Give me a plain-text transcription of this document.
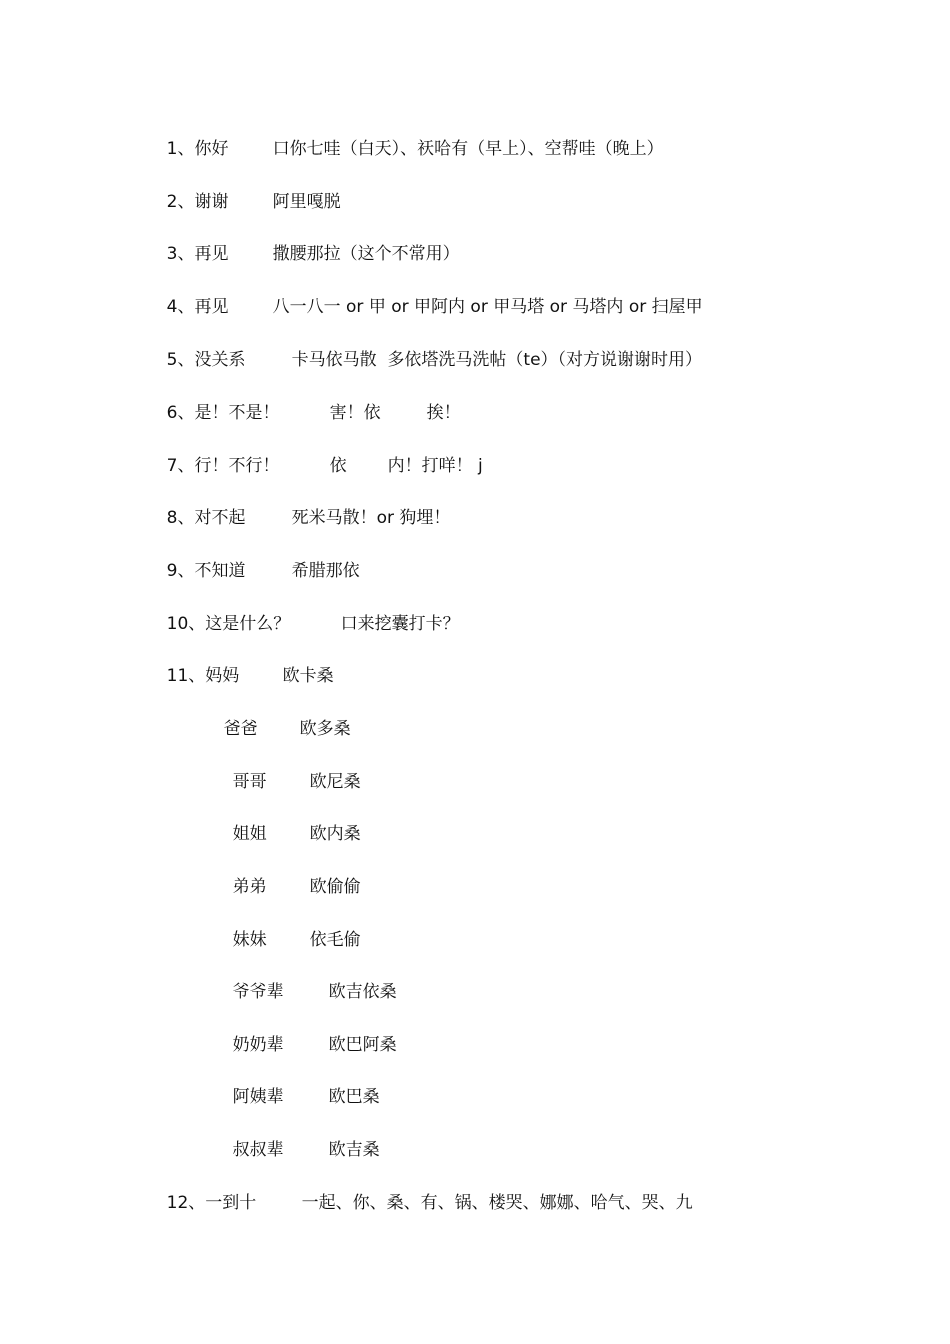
1、你好	口你七哇（白天）、祆哈有（早上）、空帮哇（晚上）

2、谢谢	阿里嘎脱

3、再见	撒腰那拉（这个不常用）

4、再见	八一八一 or 甲 or 甲阿内 or 甲马塔 or 马塔内 or 扫屋甲

5、没关系	卡马依马散  多依塔洗马洗帖（te）（对方说谢谢时用）

6、是！不是！	害！依	挨！

7、行！不行！	依 内！打咩！ j

8、对不起	死米马散！or 狗埋！

9、不知道	希腊那依

10、这是什么？	口来挖囊打卡？

11、妈妈	欧卡桑

爸爸 欧多桑

哥哥	欧尼桑

姐姐	欧内桑

弟弟	欧偷偷

妹妹	依毛偷

爷爷辈	欧吉依桑

奶奶辈	欧巴阿桑

阿姨辈	欧巴桑

叔叔辈	欧吉桑

12、一到十	一起、你、桑、有、锅、楼哭、娜娜、哈气、哭、九
